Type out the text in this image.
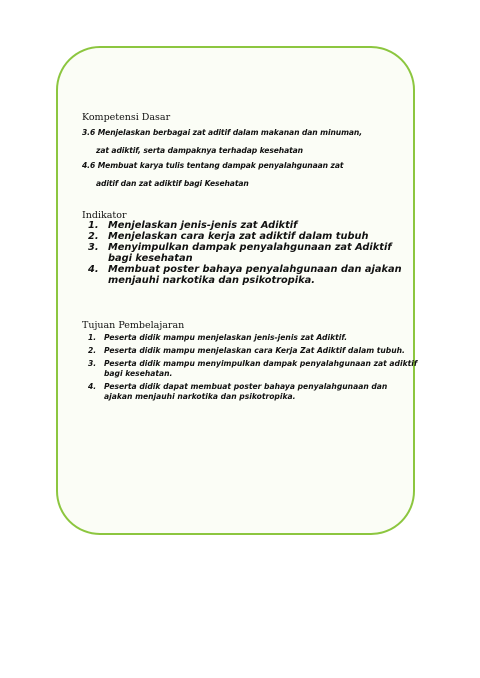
Kompetensi Dasar
3.6 Menjelaskan berbagai zat aditif dalam makanan dan minuman,
zat adiktif, serta dampaknya terhadap kesehatan
4.6 Membuat karya tulis tentang dampak penyalahgunaan zat
aditif dan zat adiktif bagi Kesehatan
Indikator
1. Menjelaskan jenis-jenis zat Adiktif
2. Menjelaskan cara kerja zat adiktif dalam tubuh
3. Menyimpulkan dampak penyalahgunaan zat Adiktif bagi kesehatan
4. Membuat poster bahaya penyalahgunaan dan ajakan menjauhi narkotika dan psikotropika.
Tujuan Pembelajaran
1. Peserta didik mampu menjelaskan jenis-jenis zat Adiktif.
2. Peserta didik mampu menjelaskan cara Kerja Zat Adiktif dalam tubuh.
3. Peserta didik mampu menyimpulkan dampak penyalahgunaan zat adiktif bagi kesehatan.
4. Peserta didik dapat membuat poster bahaya penyalahgunaan dan ajakan menjauhi narkotika dan psikotropika.
